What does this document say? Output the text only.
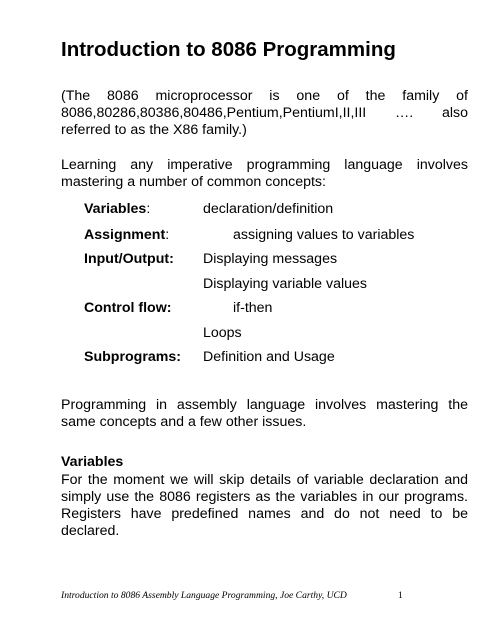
Introduction to 8086 Programming

(The 8086 microprocessor is one of the family of
8086,80286,80386,80486,Pentium,PentiumI,II,III …. also
referred to as the X86 family.)

Learning any imperative programming language involves
mastering a number of common concepts:

Variables:	declaration/definition
Assignment:	assigning values to variables
Input/Output: Displaying messages
Displaying variable values
Control flow:	if-then
Loops
Subprograms: Definition and Usage

Programming in assembly language involves mastering the
same concepts and a few other issues.

Variables

For the moment we will skip details of variable declaration and
simply use the 8086 registers as the variables in our programs.
Registers have predefined names and do not need to be
declared.

Introduction to 8086 Assembly Language Programming, Joe Carthy, UCD	1
